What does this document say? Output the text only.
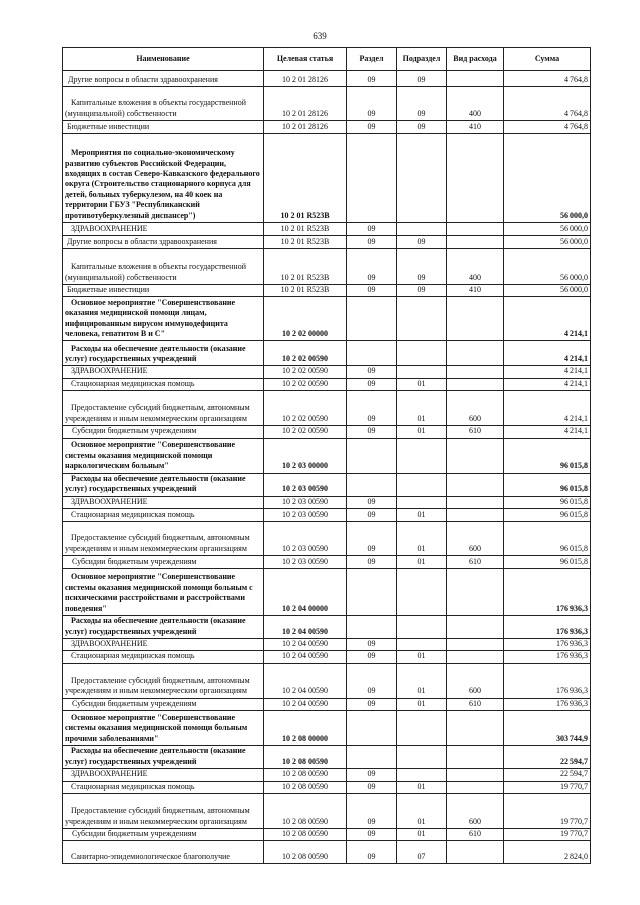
639
Наименование	Целевая статья	Раздел	Подраздел	Вид расхода	Сумма
Другие вопросы в области здравоохранения	10 2 01 28126	09	09		4 764,8
Капитальные вложения в объекты государственной (муниципальной) собственности	10 2 01 28126	09	09	400	4 764,8
Бюджетные инвестиции	10 2 01 28126	09	09	410	4 764,8
Мероприятия по социально-экономическому развитию субъектов Российской Федерации, входящих в состав Северо-Кавказского федерального округа (Строительство стационарного корпуса для детей, больных туберкулезом, на 40 коек на территории ГБУЗ "Республиканский противотуберкулезный диспансер")	10 2 01 R523B				56 000,0
ЗДРАВООХРАНЕНИЕ	10 2 01 R523B	09			56 000,0
Другие вопросы в области здравоохранения	10 2 01 R523B	09	09		56 000,0
Капитальные вложения в объекты государственной (муниципальной) собственности	10 2 01 R523B	09	09	400	56 000,0
Бюджетные инвестиции	10 2 01 R523B	09	09	410	56 000,0
Основное мероприятие "Совершенствование оказания медицинской помощи лицам, инфицированным вирусом иммунодефицита человека, гепатитом В и С"	10 2 02 00000				4 214,1
Расходы на обеспечение деятельности (оказание услуг) государственных учреждений	10 2 02 00590				4 214,1
ЗДРАВООХРАНЕНИЕ	10 2 02 00590	09			4 214,1
Стационарная медицинская помощь	10 2 02 00590	09	01		4 214,1
Предоставление субсидий бюджетным, автономным учреждениям и иным некоммерческим организациям	10 2 02 00590	09	01	600	4 214,1
Субсидии бюджетным учреждениям	10 2 02 00590	09	01	610	4 214,1
Основное мероприятие "Совершенствование системы оказания медицинской помощи наркологическим больным"	10 2 03 00000				96 015,8
Расходы на обеспечение деятельности (оказание услуг) государственных учреждений	10 2 03 00590				96 015,8
ЗДРАВООХРАНЕНИЕ	10 2 03 00590	09			96 015,8
Стационарная медицинская помощь	10 2 03 00590	09	01		96 015,8
Предоставление субсидий бюджетным, автономным учреждениям и иным некоммерческим организациям	10 2 03 00590	09	01	600	96 015,8
Субсидии бюджетным учреждениям	10 2 03 00590	09	01	610	96 015,8
Основное мероприятие "Совершенствование системы оказания медицинской помощи больным с психическими расстройствами и расстройствами поведения"	10 2 04 00000				176 936,3
Расходы на обеспечение деятельности (оказание услуг) государственных учреждений	10 2 04 00590				176 936,3
ЗДРАВООХРАНЕНИЕ	10 2 04 00590	09			176 936,3
Стационарная медицинская помощь	10 2 04 00590	09	01		176 936,3
Предоставление субсидий бюджетным, автономным учреждениям и иным некоммерческим организациям	10 2 04 00590	09	01	600	176 936,3
Субсидии бюджетным учреждениям	10 2 04 00590	09	01	610	176 936,3
Основное мероприятие "Совершенствование системы оказания медицинской помощи больным прочими заболеваниями"	10 2 08 00000				303 744,9
Расходы на обеспечение деятельности (оказание услуг) государственных учреждений	10 2 08 00590				22 594,7
ЗДРАВООХРАНЕНИЕ	10 2 08 00590	09			22 594,7
Стационарная медицинская помощь	10 2 08 00590	09	01		19 770,7
Предоставление субсидий бюджетным, автономным учреждениям и иным некоммерческим организациям	10 2 08 00590	09	01	600	19 770,7
Субсидии бюджетным учреждениям	10 2 08 00590	09	01	610	19 770,7
Санитарно-эпидемиологическое благополучие	10 2 08 00590	09	07		2 824,0
